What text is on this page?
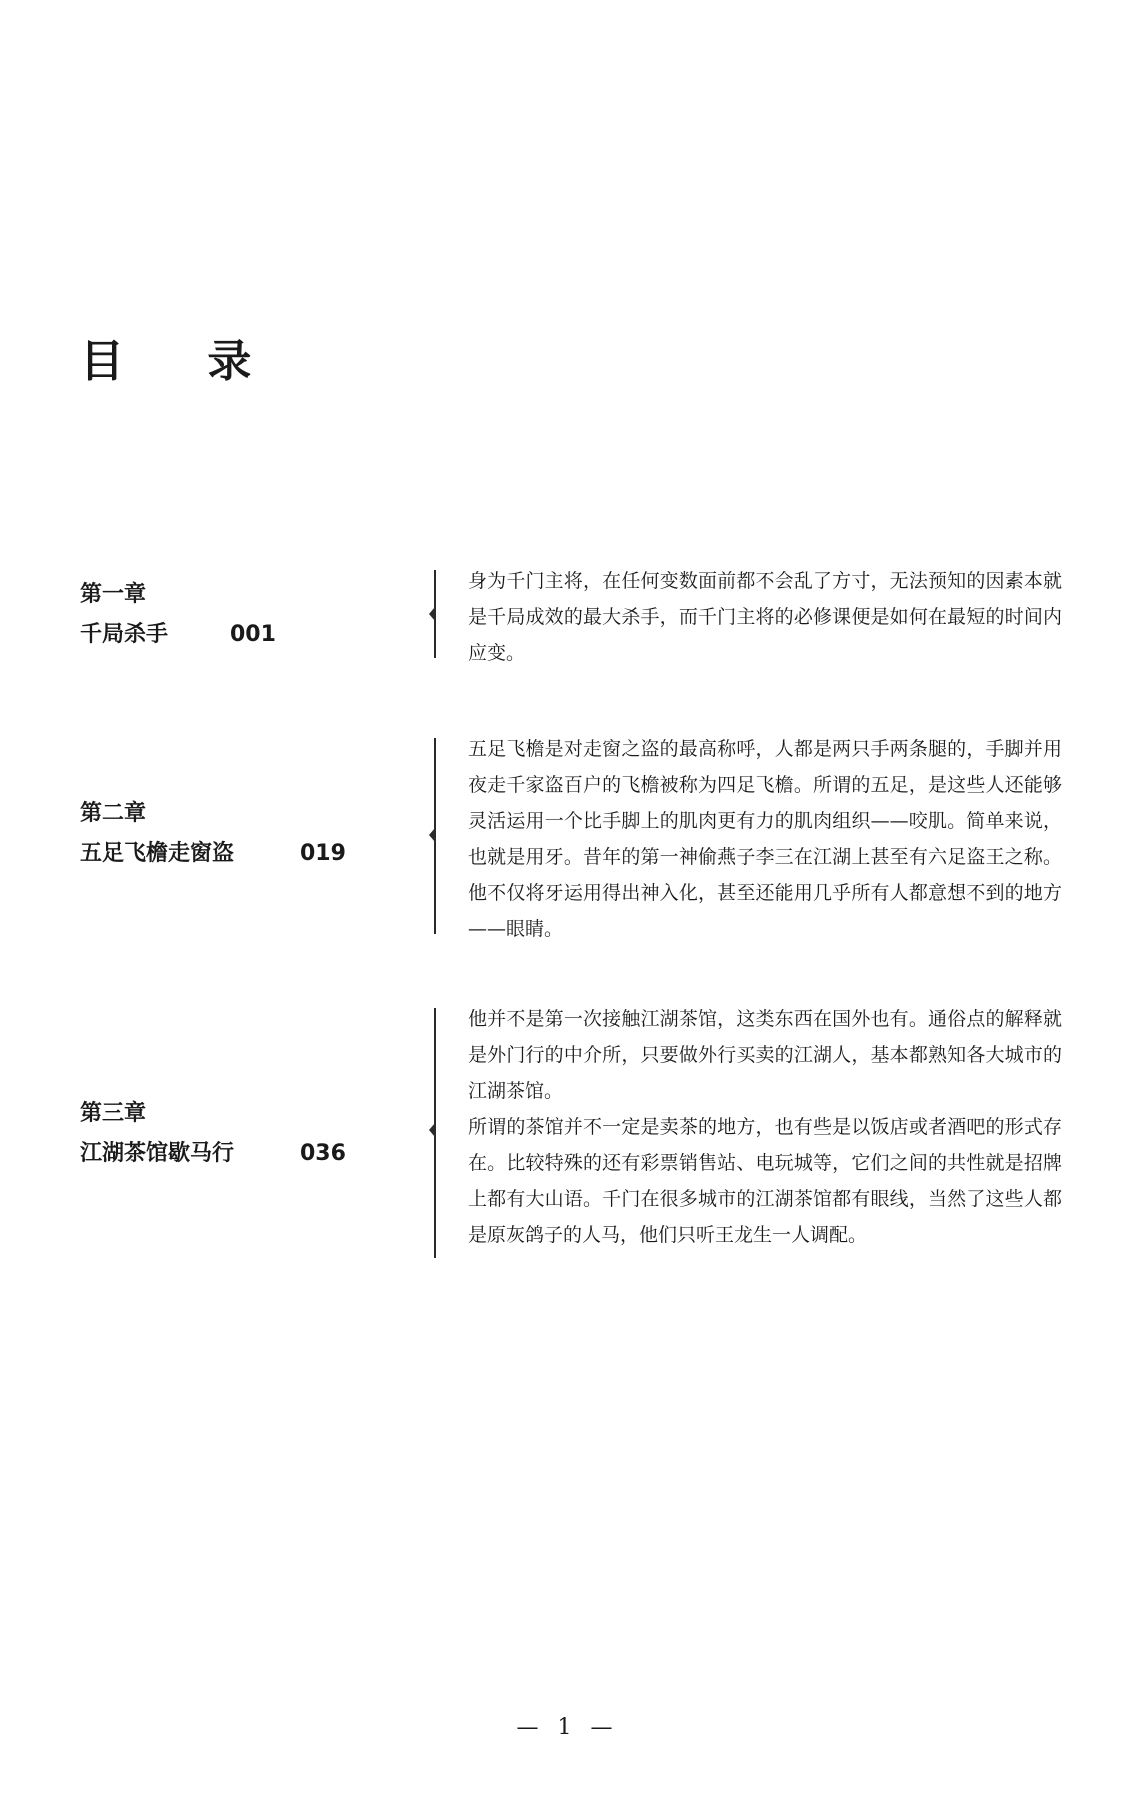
目 录
第一章
千局杀手	001

身为千门主将，在任何变数面前都不会乱了方寸，无法预知的因素本就是千局成效的最大杀手，而千门主将的必修课便是如何在最短的时间内应变。

第二章
五足飞檐走窗盗	019

五足飞檐是对走窗之盗的最高称呼，人都是两只手两条腿的，手脚并用夜走千家盗百户的飞檐被称为四足飞檐。所谓的五足，是这些人还能够灵活运用一个比手脚上的肌肉更有力的肌肉组织——咬肌。简单来说，也就是用牙。昔年的第一神偷燕子李三在江湖上甚至有六足盗王之称。他不仅将牙运用得出神入化，甚至还能用几乎所有人都意想不到的地方——眼睛。

第三章
江湖茶馆歇马行	036

他并不是第一次接触江湖茶馆，这类东西在国外也有。通俗点的解释就是外门行的中介所，只要做外行买卖的江湖人，基本都熟知各大城市的江湖茶馆。

所谓的茶馆并不一定是卖茶的地方，也有些是以饭店或者酒吧的形式存在。比较特殊的还有彩票销售站、电玩城等，它们之间的共性就是招牌上都有大山语。千门在很多城市的江湖茶馆都有眼线，当然了这些人都是原灰鸽子的人马，他们只听王龙生一人调配。

— 1 —
